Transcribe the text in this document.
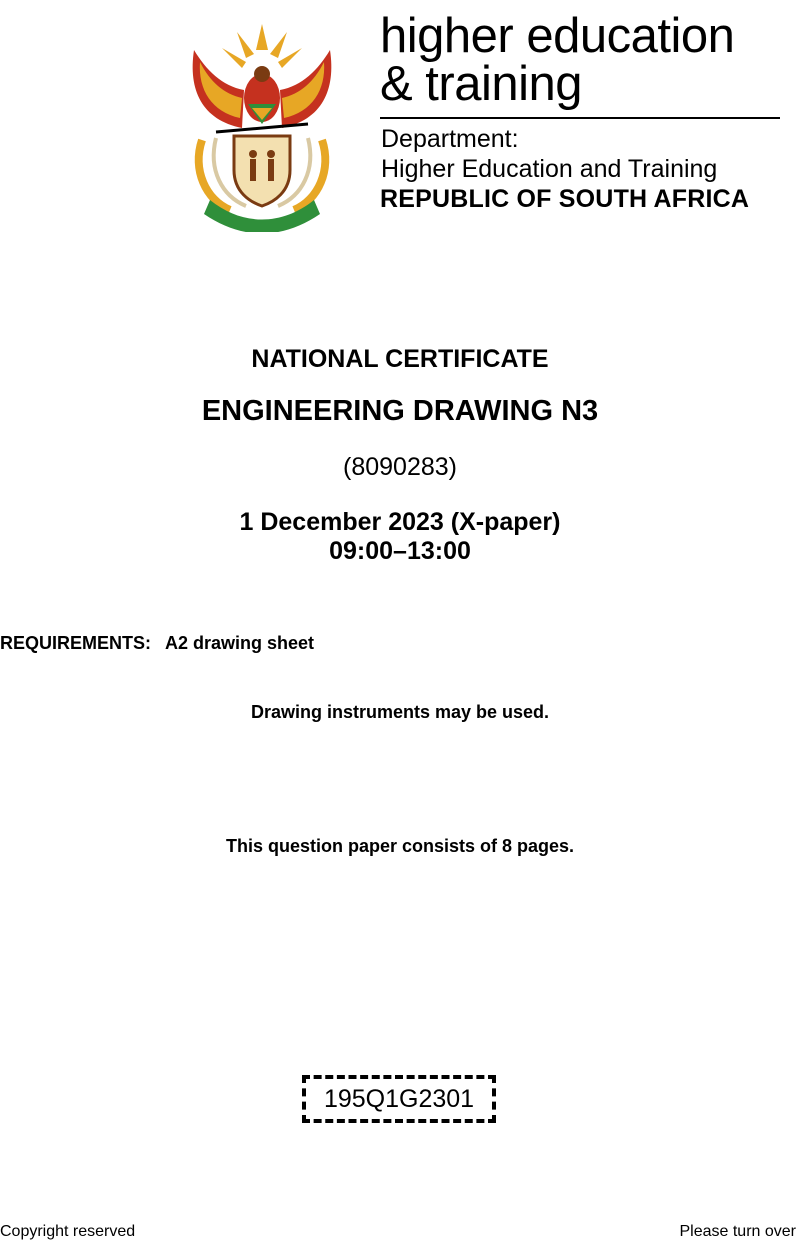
higher education
& training
Department:
Higher Education and Training
REPUBLIC OF SOUTH AFRICA
NATIONAL CERTIFICATE
ENGINEERING DRAWING N3
(8090283)
1 December 2023 (X-paper)
09:00–13:00
REQUIREMENTS: A2 drawing sheet
Drawing instruments may be used.
This question paper consists of 8 pages.
195Q1G2301
Copyright reserved	Please turn over
